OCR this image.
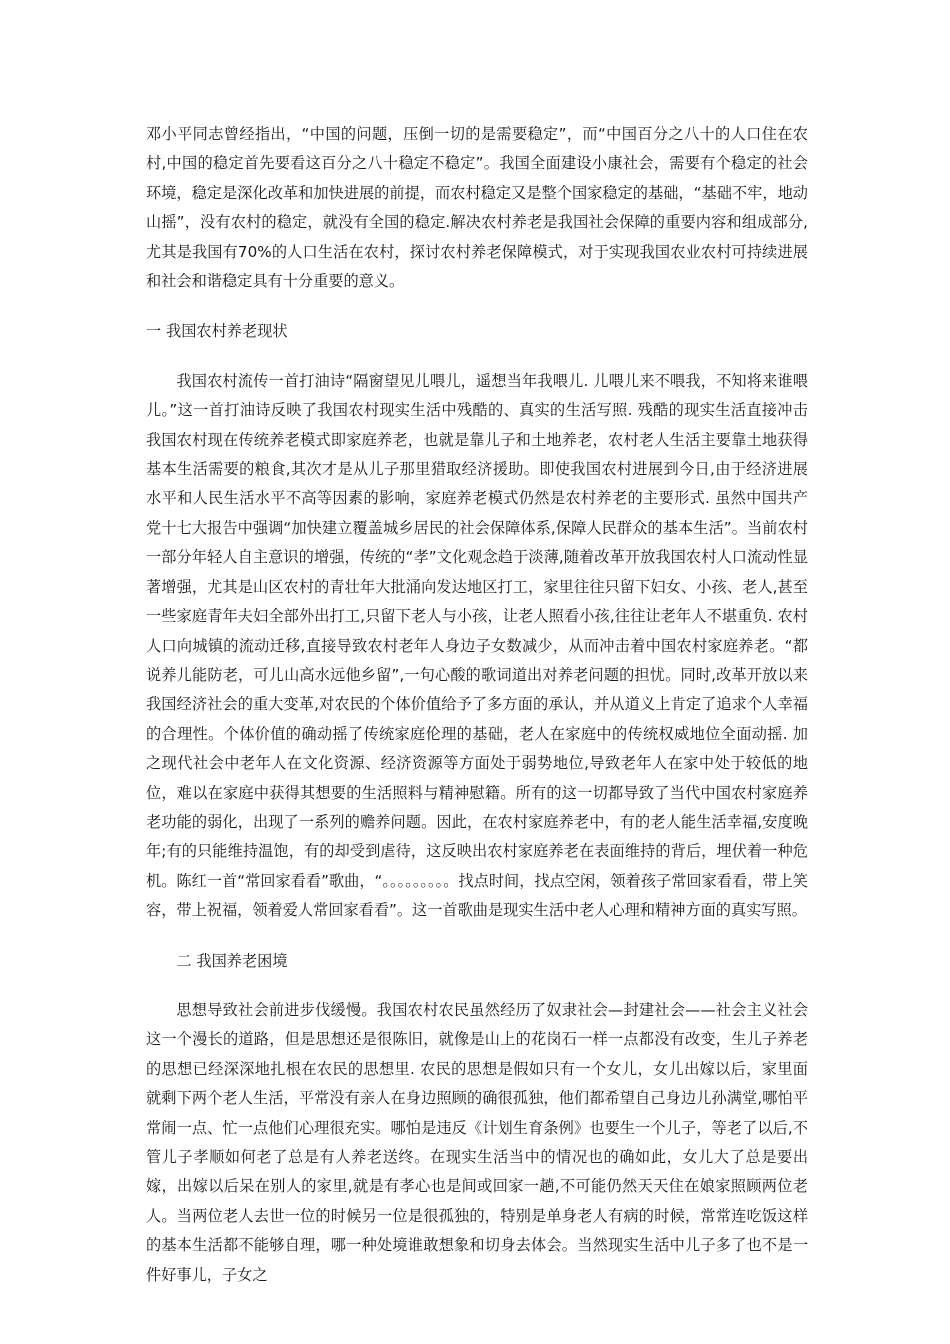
邓小平同志曾经指出，“中国的问题，压倒一切的是需要稳定”，而“中国百分之八十的人口住在农村,中国的稳定首先要看这百分之八十稳定不稳定”。我国全面建设小康社会，需要有个稳定的社会环境，稳定是深化改革和加快进展的前提，而农村稳定又是整个国家稳定的基础，“基础不牢，地动山摇”，没有农村的稳定，就没有全国的稳定.解决农村养老是我国社会保障的重要内容和组成部分,尤其是我国有70%的人口生活在农村，探讨农村养老保障模式，对于实现我国农业农村可持续进展和社会和谐稳定具有十分重要的意义。

一 我国农村养老现状

我国农村流传一首打油诗“隔窗望见儿喂儿，遥想当年我喂儿. 儿喂儿来不喂我，不知将来谁喂儿。”这一首打油诗反映了我国农村现实生活中残酷的、真实的生活写照. 残酷的现实生活直接冲击我国农村现在传统养老模式即家庭养老，也就是靠儿子和土地养老，农村老人生活主要靠土地获得基本生活需要的粮食,其次才是从儿子那里猎取经济援助。即使我国农村进展到今日,由于经济进展水平和人民生活水平不高等因素的影响，家庭养老模式仍然是农村养老的主要形式. 虽然中国共产党十七大报告中强调“加快建立覆盖城乡居民的社会保障体系,保障人民群众的基本生活”。当前农村一部分年轻人自主意识的增强，传统的“孝”文化观念趋于淡薄,随着改革开放我国农村人口流动性显著增强，尤其是山区农村的青壮年大批涌向发达地区打工，家里往往只留下妇女、小孩、老人,甚至一些家庭青年夫妇全部外出打工,只留下老人与小孩，让老人照看小孩,往往让老年人不堪重负. 农村人口向城镇的流动迁移,直接导致农村老年人身边子女数减少，从而冲击着中国农村家庭养老。“都说养儿能防老，可儿山高水远他乡留”,一句心酸的歌词道出对养老问题的担忧。同时,改革开放以来我国经济社会的重大变革,对农民的个体价值给予了多方面的承认，并从道义上肯定了追求个人幸福的合理性。个体价值的确动摇了传统家庭伦理的基础，老人在家庭中的传统权威地位全面动摇. 加之现代社会中老年人在文化资源、经济资源等方面处于弱势地位,导致老年人在家中处于较低的地位，难以在家庭中获得其想要的生活照料与精神慰籍。所有的这一切都导致了当代中国农村家庭养老功能的弱化，出现了一系列的赡养问题。因此，在农村家庭养老中，有的老人能生活幸福,安度晚年;有的只能维持温饱，有的却受到虐待，这反映出农村家庭养老在表面维持的背后，埋伏着一种危机。陈红一首“常回家看看”歌曲，“。。。。。。。。。找点时间，找点空闲，领着孩子常回家看看，带上笑容，带上祝福，领着爱人常回家看看”。这一首歌曲是现实生活中老人心理和精神方面的真实写照。

二 我国养老困境

思想导致社会前进步伐缓慢。我国农村农民虽然经历了奴隶社会—封建社会——社会主义社会这一个漫长的道路，但是思想还是很陈旧，就像是山上的花岗石一样一点都没有改变，生儿子养老的思想已经深深地扎根在农民的思想里. 农民的思想是假如只有一个女儿，女儿出嫁以后，家里面就剩下两个老人生活，平常没有亲人在身边照顾的确很孤独，他们都希望自己身边儿孙满堂,哪怕平常闹一点、忙一点他们心理很充实。哪怕是违反《计划生育条例》也要生一个儿子，等老了以后,不管儿子孝顺如何老了总是有人养老送终。在现实生活当中的情况也的确如此，女儿大了总是要出嫁，出嫁以后呆在别人的家里,就是有孝心也是间或回家一趟,不可能仍然天天住在娘家照顾两位老人。当两位老人去世一位的时候另一位是很孤独的，特别是单身老人有病的时候，常常连吃饭这样的基本生活都不能够自理，哪一种处境谁敢想象和切身去体会。当然现实生活中儿子多了也不是一件好事儿，子女之
